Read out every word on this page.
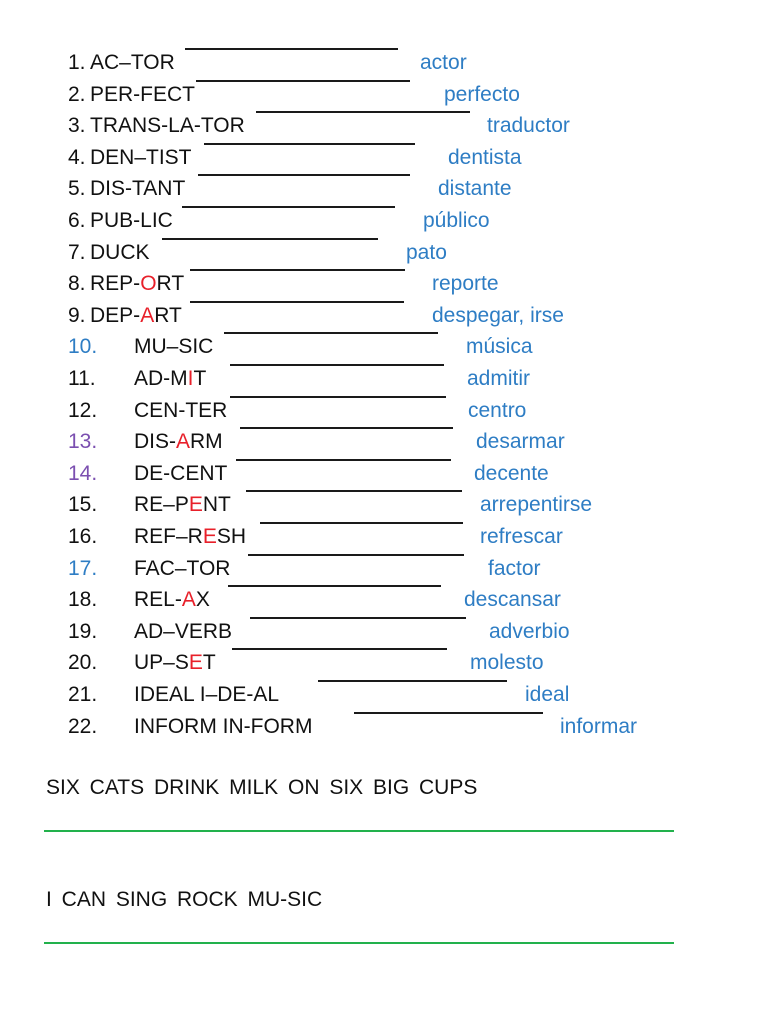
1. AC–TOR	actor
2. PER-FECT	perfecto
3. TRANS-LA-TOR	traductor
4. DEN–TIST	dentista
5. DIS-TANT	distante
6. PUB-LIC	público
7. DUCK	pato
8. REP-ORT	reporte
9. DEP-ART	despegar, irse
10. MU–SIC	música
11. AD-MIT	admitir
12. CEN-TER	centro
13. DIS-ARM	desarmar
14. DE-CENT	decente
15. RE–PENT	arrepentirse
16. REF–RESH	refrescar
17. FAC–TOR	factor
18. REL-AX	descansar
19. AD–VERB	adverbio
20. UP–SET	molesto
21. IDEAL I–DE-AL	ideal
22. INFORM IN-FORM	informar
SIX CATS DRINK MILK ON SIX BIG CUPS
I CAN SING ROCK MU-SIC
